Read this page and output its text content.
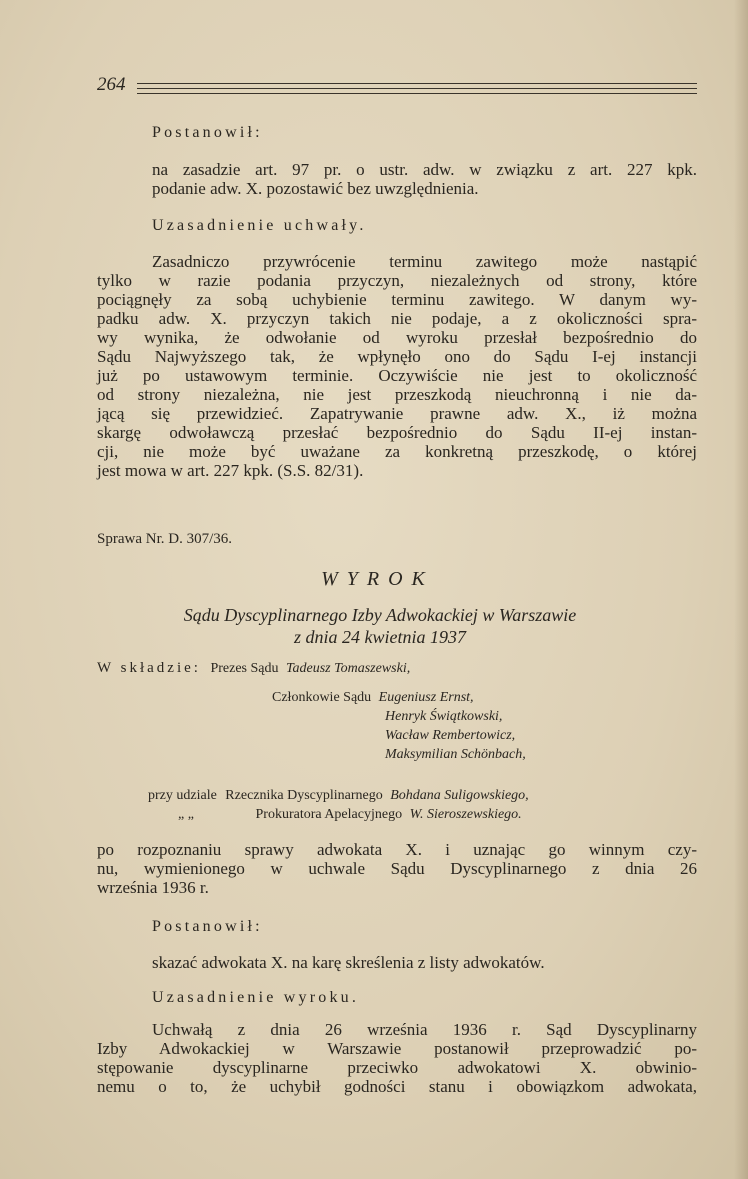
264
Postanowił:
na zasadzie art. 97 pr. o ustr. adw. w związku z art. 227 kpk.
podanie adw. X. pozostawić bez uwzględnienia.
Uzasadnienie uchwały.
Zasadniczo przywrócenie terminu zawitego może nastąpić
tylko w razie podania przyczyn, niezależnych od strony, które
pociągnęły za sobą uchybienie terminu zawitego. W danym wy-
padku adw. X. przyczyn takich nie podaje, a z okoliczności spra-
wy wynika, że odwołanie od wyroku przesłał bezpośrednio do
Sądu Najwyższego tak, że wpłynęło ono do Sądu I-ej instancji
już po ustawowym terminie. Oczywiście nie jest to okoliczność
od strony niezależna, nie jest przeszkodą nieuchronną i nie da-
jącą się przewidzieć. Zapatrywanie prawne adw. X., iż można
skargę odwoławczą przesłać bezpośrednio do Sądu II-ej instan-
cji, nie może być uważane za konkretną przeszkodę, o której
jest mowa w art. 227 kpk. (S.S. 82/31).
Sprawa Nr. D. 307/36.
W Y R O K
Sądu Dyscyplinarnego Izby Adwokackiej w Warszawie
z dnia 24 kwietnia 1937
W składzie: Prezes Sądu Tadeusz Tomaszewski,
Członkowie Sądu Eugeniusz Ernst,
Henryk Świątkowski,
Wacław Rembertowicz,
Maksymilian Schönbach,
przy udziale Rzecznika Dyscyplinarnego Bohdana Suligowskiego,
„ „	Prokuratora Apelacyjnego W. Sieroszewskiego.
po rozpoznaniu sprawy adwokata X. i uznając go winnym czy-
nu, wymienionego w uchwale Sądu Dyscyplinarnego z dnia 26
września 1936 r.
Postanowił:
skazać adwokata X. na karę skreślenia z listy adwokatów.
Uzasadnienie wyroku.
Uchwałą z dnia 26 września 1936 r. Sąd Dyscyplinarny
Izby Adwokackiej w Warszawie postanowił przeprowadzić po-
stępowanie dyscyplinarne przeciwko adwokatowi X. obwinio-
nemu o to, że uchybił godności stanu i obowiązkom adwokata,
